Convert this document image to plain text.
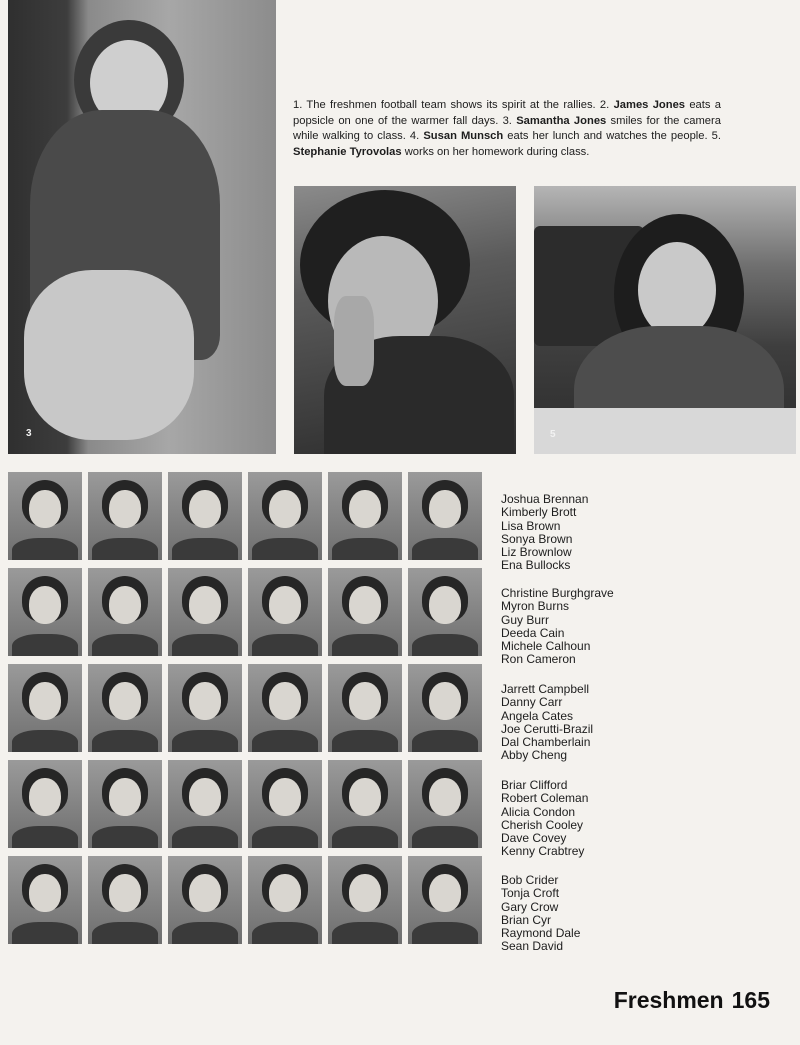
3
1. The freshmen football team shows its spirit at the rallies. 2. James Jones eats a popsicle on one of the warmer fall days. 3. Samantha Jones smiles for the camera while walking to class. 4. Susan Munsch eats her lunch and watches the people. 5. Stephanie Tyrovolas works on her homework during class.
5
Joshua Brennan
Kimberly Brott
Lisa Brown
Sonya Brown
Liz Brownlow
Ena Bullocks
Christine Burghgrave
Myron Burns
Guy Burr
Deeda Cain
Michele Calhoun
Ron Cameron
Jarrett Campbell
Danny Carr
Angela Cates
Joe Cerutti-Brazil
Dal Chamberlain
Abby Cheng
Briar Clifford
Robert Coleman
Alicia Condon
Cherish Cooley
Dave Covey
Kenny Crabtrey
Bob Crider
Tonja Croft
Gary Crow
Brian Cyr
Raymond Dale
Sean David
Freshmen 165
